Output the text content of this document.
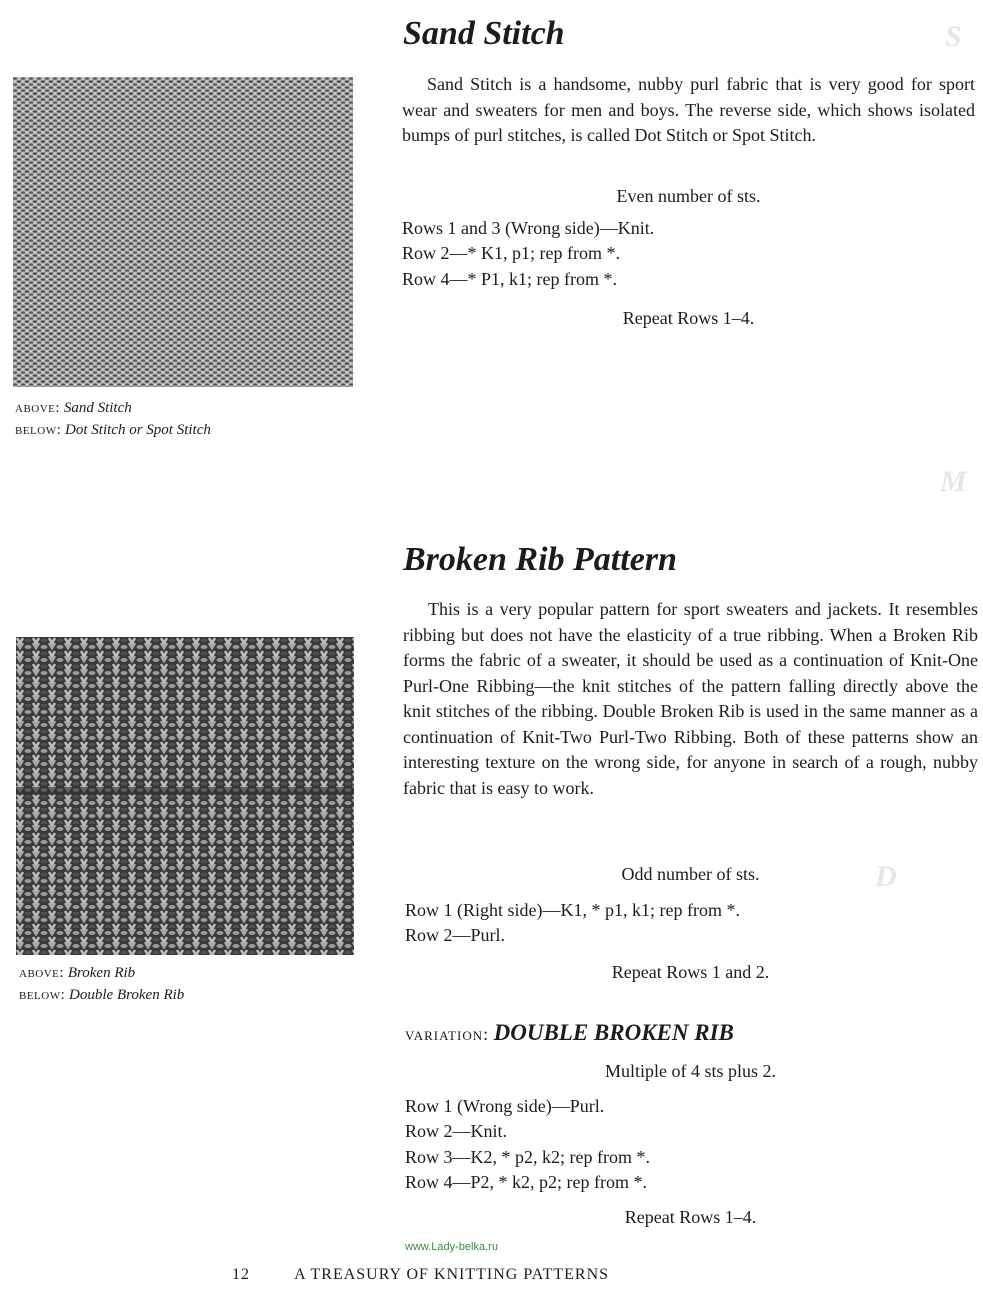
S
M
D
above: Sand Stitch
below: Dot Stitch or Spot Stitch
Sand Stitch

Sand Stitch is a handsome, nubby purl fabric that is very good for sport wear and sweaters for men and boys. The reverse side, which shows isolated bumps of purl stitches, is called Dot Stitch or Spot Stitch.

Even number of sts.
Rows 1 and 3 (Wrong side)—Knit.
Row 2—* K1, p1; rep from *.
Row 4—* P1, k1; rep from *.
Repeat Rows 1–4.
above: Broken Rib
below: Double Broken Rib
Broken Rib Pattern

This is a very popular pattern for sport sweaters and jackets. It resembles ribbing but does not have the elasticity of a true ribbing. When a Broken Rib forms the fabric of a sweater, it should be used as a continuation of Knit-One Purl-One Ribbing—the knit stitches of the pattern falling directly above the knit stitches of the ribbing. Double Broken Rib is used in the same manner as a continuation of Knit-Two Purl-Two Ribbing. Both of these patterns show an interesting texture on the wrong side, for anyone in search of a rough, nubby fabric that is easy to work.

Odd number of sts.
Row 1 (Right side)—K1, * p1, k1; rep from *.
Row 2—Purl.
Repeat Rows 1 and 2.
variation: DOUBLE BROKEN RIB
Multiple of 4 sts plus 2.
Row 1 (Wrong side)—Purl.
Row 2—Knit.
Row 3—K2, * p2, k2; rep from *.
Row 4—P2, * k2, p2; rep from *.
Repeat Rows 1–4.
www.Lady-belka.ru
12	A TREASURY OF KNITTING PATTERNS
